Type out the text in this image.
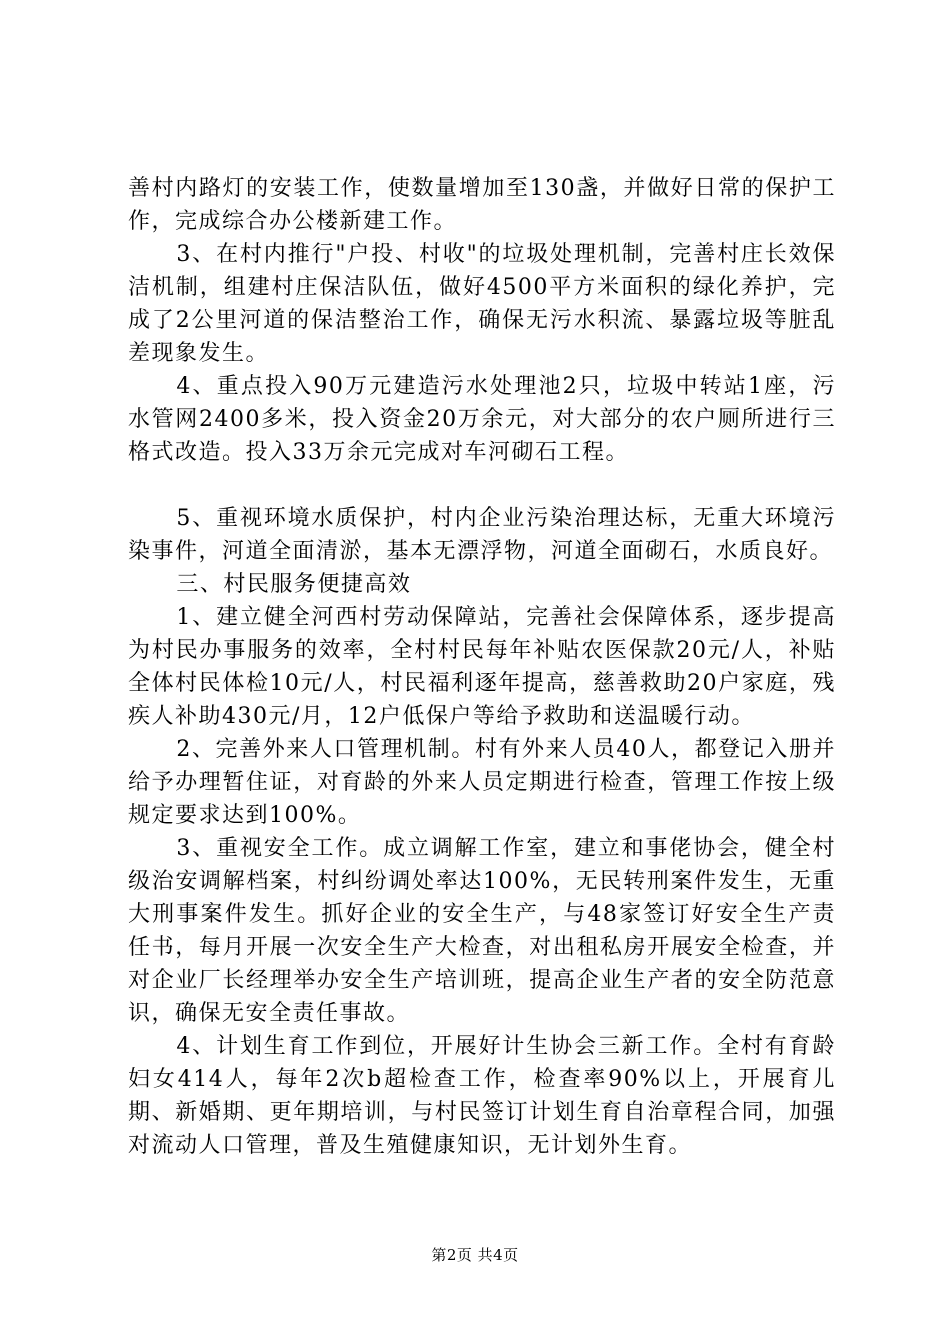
善村内路灯的安装工作，使数量增加至130盏，并做好日常的保护工作，完成综合办公楼新建工作。

3、在村内推行"户投、村收"的垃圾处理机制，完善村庄长效保洁机制，组建村庄保洁队伍，做好4500平方米面积的绿化养护，完成了2公里河道的保洁整治工作，确保无污水积流、暴露垃圾等脏乱差现象发生。

4、重点投入90万元建造污水处理池2只，垃圾中转站1座，污水管网2400多米，投入资金20万余元，对大部分的农户厕所进行三格式改造。投入33万余元完成对车河砌石工程。

5、重视环境水质保护，村内企业污染治理达标，无重大环境污染事件，河道全面清淤，基本无漂浮物，河道全面砌石，水质良好。

三、村民服务便捷高效

1、建立健全河西村劳动保障站，完善社会保障体系，逐步提高为村民办事服务的效率，全村村民每年补贴农医保款20元/人，补贴全体村民体检10元/人，村民福利逐年提高，慈善救助20户家庭，残疾人补助430元/月，12户低保户等给予救助和送温暖行动。

2、完善外来人口管理机制。村有外来人员40人，都登记入册并给予办理暂住证，对育龄的外来人员定期进行检查，管理工作按上级规定要求达到100%。

3、重视安全工作。成立调解工作室，建立和事佬协会，健全村级治安调解档案，村纠纷调处率达100%，无民转刑案件发生，无重大刑事案件发生。抓好企业的安全生产，与48家签订好安全生产责任书，每月开展一次安全生产大检查，对出租私房开展安全检查，并对企业厂长经理举办安全生产培训班，提高企业生产者的安全防范意识，确保无安全责任事故。

4、计划生育工作到位，开展好计生协会三新工作。全村有育龄妇女414人，每年2次b超检查工作，检查率90%以上，开展育儿期、新婚期、更年期培训，与村民签订计划生育自治章程合同，加强对流动人口管理，普及生殖健康知识，无计划外生育。

第2页 共4页
